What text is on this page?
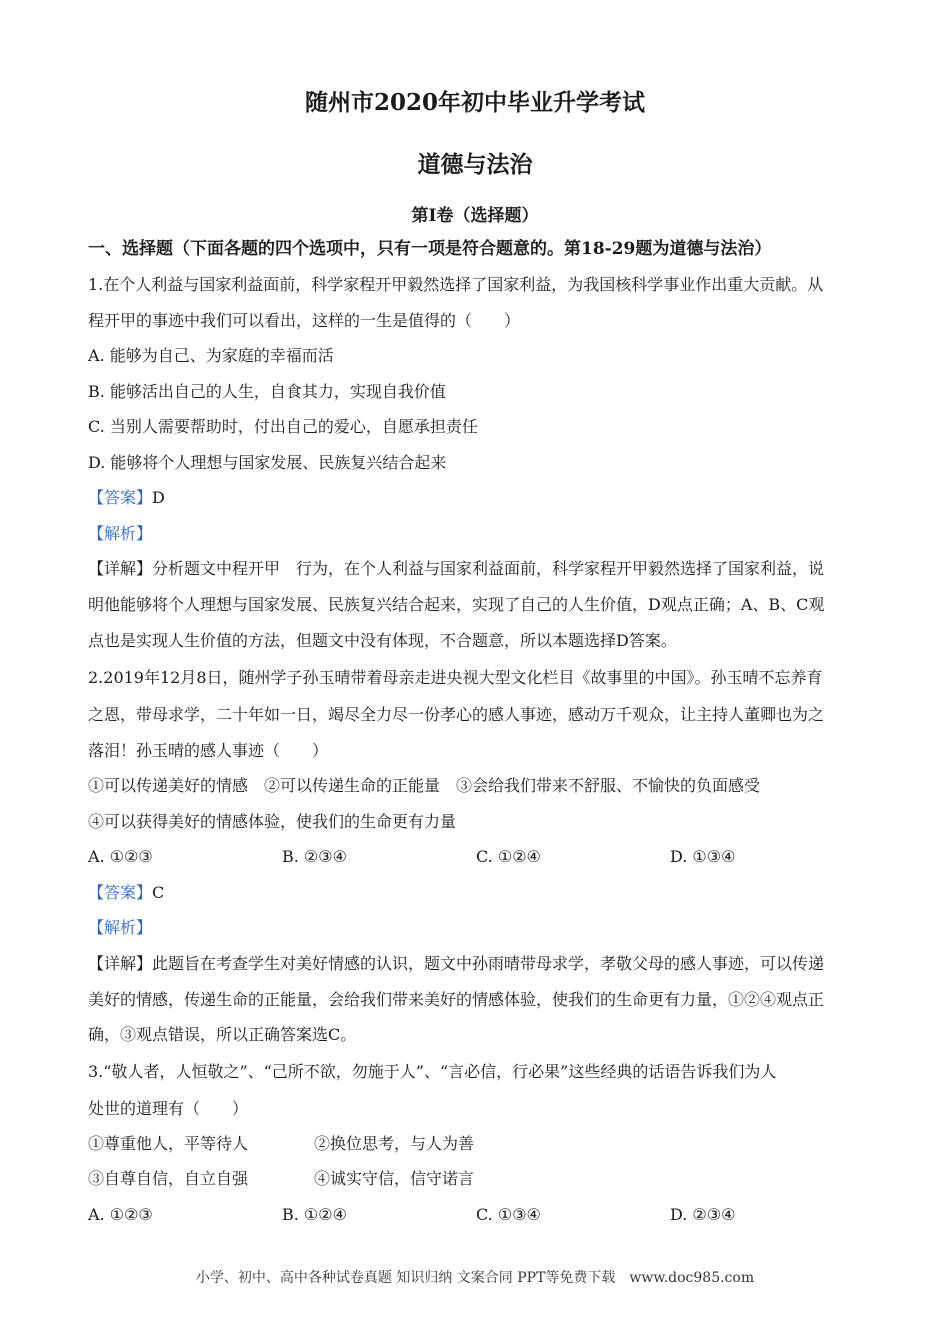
随州市2020年初中毕业升学考试
道德与法治
第Ⅰ卷（选择题）
一、选择题（下面各题的四个选项中，只有一项是符合题意的。第18-29题为道德与法治）
1.在个人利益与国家利益面前，科学家程开甲毅然选择了国家利益，为我国核科学事业作出重大贡献。从
程开甲的事迹中我们可以看出，这样的一生是值得的（　　）
A. 能够为自己、为家庭的幸福而活
B. 能够活出自己的人生，自食其力，实现自我价值
C. 当别人需要帮助时，付出自己的爱心，自愿承担责任
D. 能够将个人理想与国家发展、民族复兴结合起来
【答案】D
【解析】
【详解】分析题文中程开甲　行为，在个人利益与国家利益面前，科学家程开甲毅然选择了国家利益，说
明他能够将个人理想与国家发展、民族复兴结合起来，实现了自己的人生价值，D观点正确；A、B、C观
点也是实现人生价值的方法，但题文中没有体现，不合题意，所以本题选择D答案。
2.2019年12月8日，随州学子孙玉晴带着母亲走进央视大型文化栏目《故事里的中国》。孙玉晴不忘养育
之恩，带母求学，二十年如一日，竭尽全力尽一份孝心的感人事迹，感动万千观众，让主持人董卿也为之
落泪！孙玉晴的感人事迹（　　）
①可以传递美好的情感　②可以传递生命的正能量　③会给我们带来不舒服、不愉快的负面感受
④可以获得美好的情感体验，使我们的生命更有力量
A. ①②③	B. ②③④	C. ①②④	D. ①③④
【答案】C
【解析】
【详解】此题旨在考查学生对美好情感的认识，题文中孙雨晴带母求学，孝敬父母的感人事迹，可以传递
美好的情感，传递生命的正能量，会给我们带来美好的情感体验，使我们的生命更有力量，①②④观点正
确，③观点错误，所以正确答案选C。
3.“敬人者，人恒敬之”、“己所不欲，勿施于人”、“言必信，行必果”这些经典的话语告诉我们为人
处世的道理有（　　）
①尊重他人，平等待人	②换位思考，与人为善
③自尊自信，自立自强	④诚实守信，信守诺言
A. ①②③	B. ①②④	C. ①③④	D. ②③④
小学、初中、高中各种试卷真题 知识归纳 文案合同 PPT等免费下载　www.doc985.com
